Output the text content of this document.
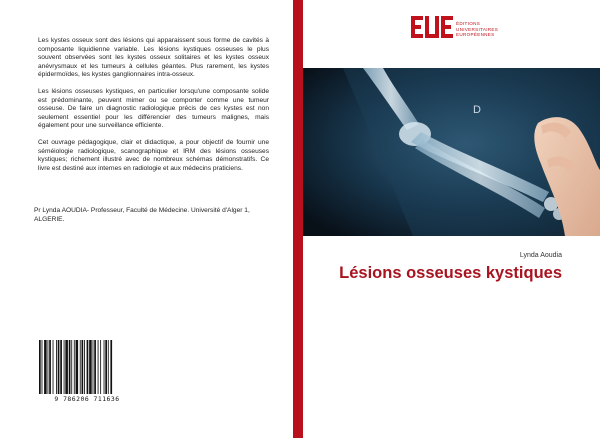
Les kystes osseux sont des lésions qui apparaissent sous forme de cavités à composante liquidienne variable. Les lésions kystiques osseuses le plus souvent observées sont les kystes osseux solitaires et les kystes osseux anévrysmaux et les tumeurs à cellules géantes. Plus rarement, les kystes épidermoïdes, les kystes ganglionnaires intra-osseux.

Les lésions osseuses kystiques, en particulier lorsqu'une composante solide est prédominante, peuvent mimer ou se comporter comme une tumeur osseuse. De faire un diagnostic radiologique précis de ces kystes est non seulement essentiel pour les différencier des tumeurs malignes, mais également pour une surveillance efficiente.

Cet ouvrage pédagogique, clair et didactique, a pour objectif de fournir une séméiologie radiologique, scanographique et IRM des lésions osseuses kystiques; richement illustré avec de nombreux schémas démonstratifs. Ce livre est destiné aux internes en radiologie et aux médecins praticiens.

Pr Lynda AOUDIA- Professeur, Faculté de Médecine. Université d'Alger 1, ALGERIE.
9 786206 711636
ÉDITIONS
UNIVERSITAIRES
EUROPÉENNES
D
Lynda Aoudia
Lésions osseuses kystiques
